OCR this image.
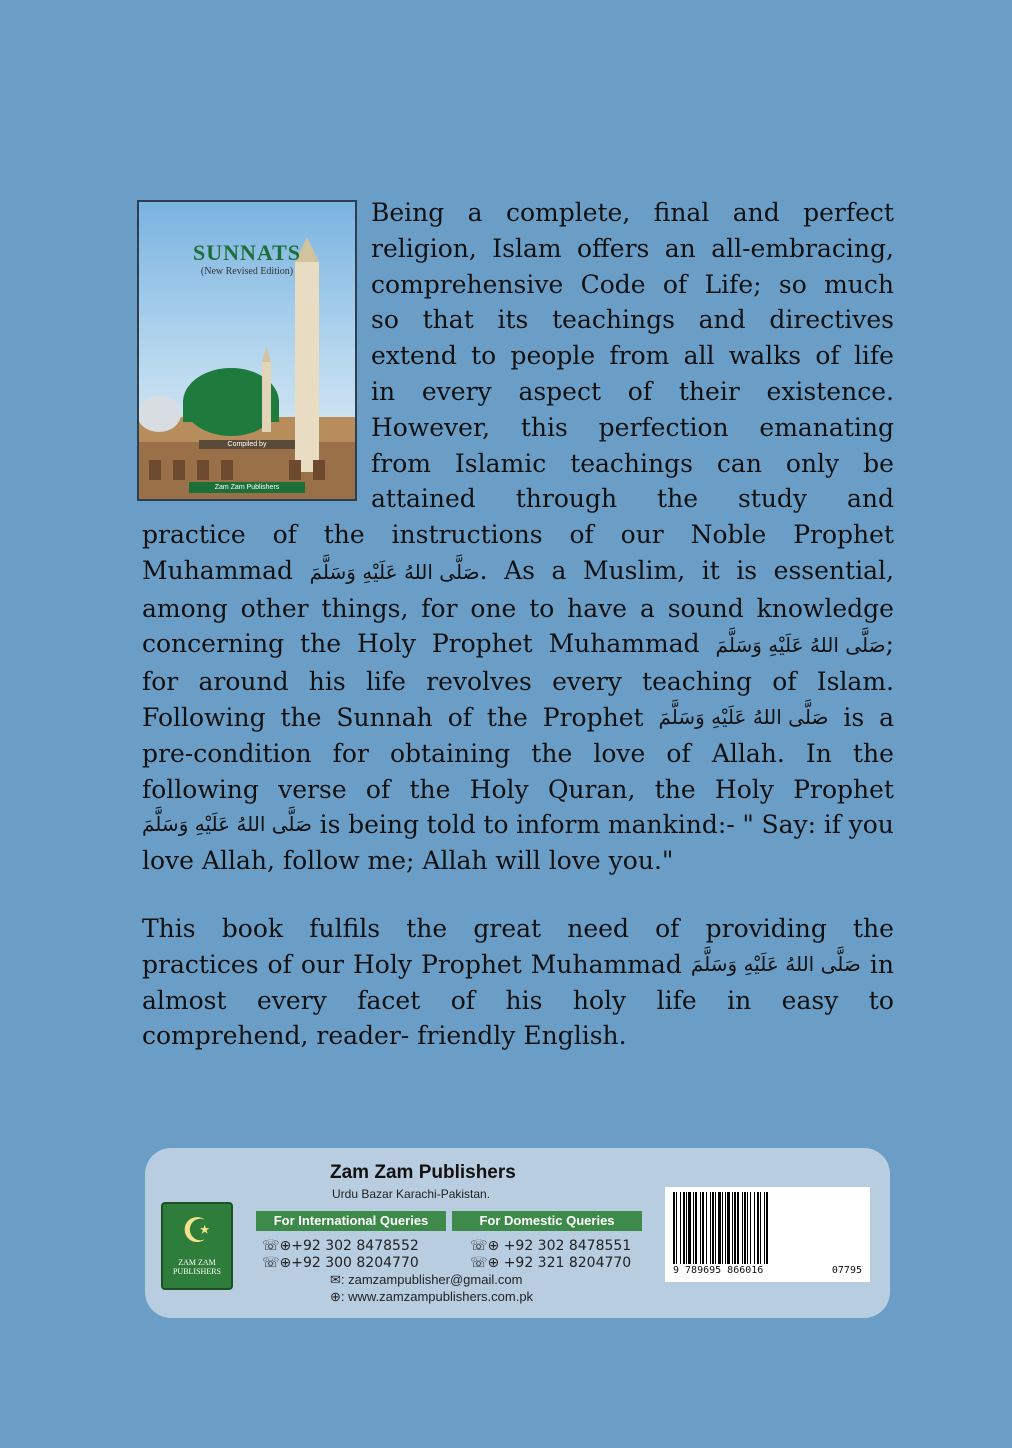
SUNNATS
(New Revised Edition)
Compiled by
Zam Zam Publishers
Being a complete, final and perfect
religion, Islam offers an all-embracing,
comprehensive Code of Life; so much
so that its teachings and directives
extend to people from all walks of life
in every aspect of their existence.
However, this perfection emanating
from Islamic teachings can only be
attained through the study and
practice of the instructions of our Noble Prophet
Muhammad صَلَّى اللهُ عَلَيْهِ وَسَلَّمَ. As a Muslim, it is essential,
among other things, for one to have a sound knowledge
concerning the Holy Prophet Muhammad صَلَّى اللهُ عَلَيْهِ وَسَلَّمَ;
for around his life revolves every teaching of Islam.
Following the Sunnah of the Prophet صَلَّى اللهُ عَلَيْهِ وَسَلَّمَ is a
pre-condition for obtaining the love of Allah. In the
following verse of the Holy Quran, the Holy Prophet
صَلَّى اللهُ عَلَيْهِ وَسَلَّمَ is being told to inform mankind:- " Say: if you
love Allah, follow me; Allah will love you."
This book fulfils the great need of providing the
practices of our Holy Prophet Muhammad صَلَّى اللهُ عَلَيْهِ وَسَلَّمَ in
almost every facet of his holy life in easy to
comprehend, reader- friendly English.
Zam Zam Publishers
Urdu Bazar Karachi-Pakistan.
☪
ZAM ZAM PUBLISHERS
For International Queries	For Domestic Queries
☏⊕+92 302 8478552
☏⊕+92 300 8204770
☏⊕ +92 302 8478551
☏⊕ +92 321 8204770
✉: zamzampublisher@gmail.com
⊕: www.zamzampublishers.com.pk
9 789695 866016	07795
